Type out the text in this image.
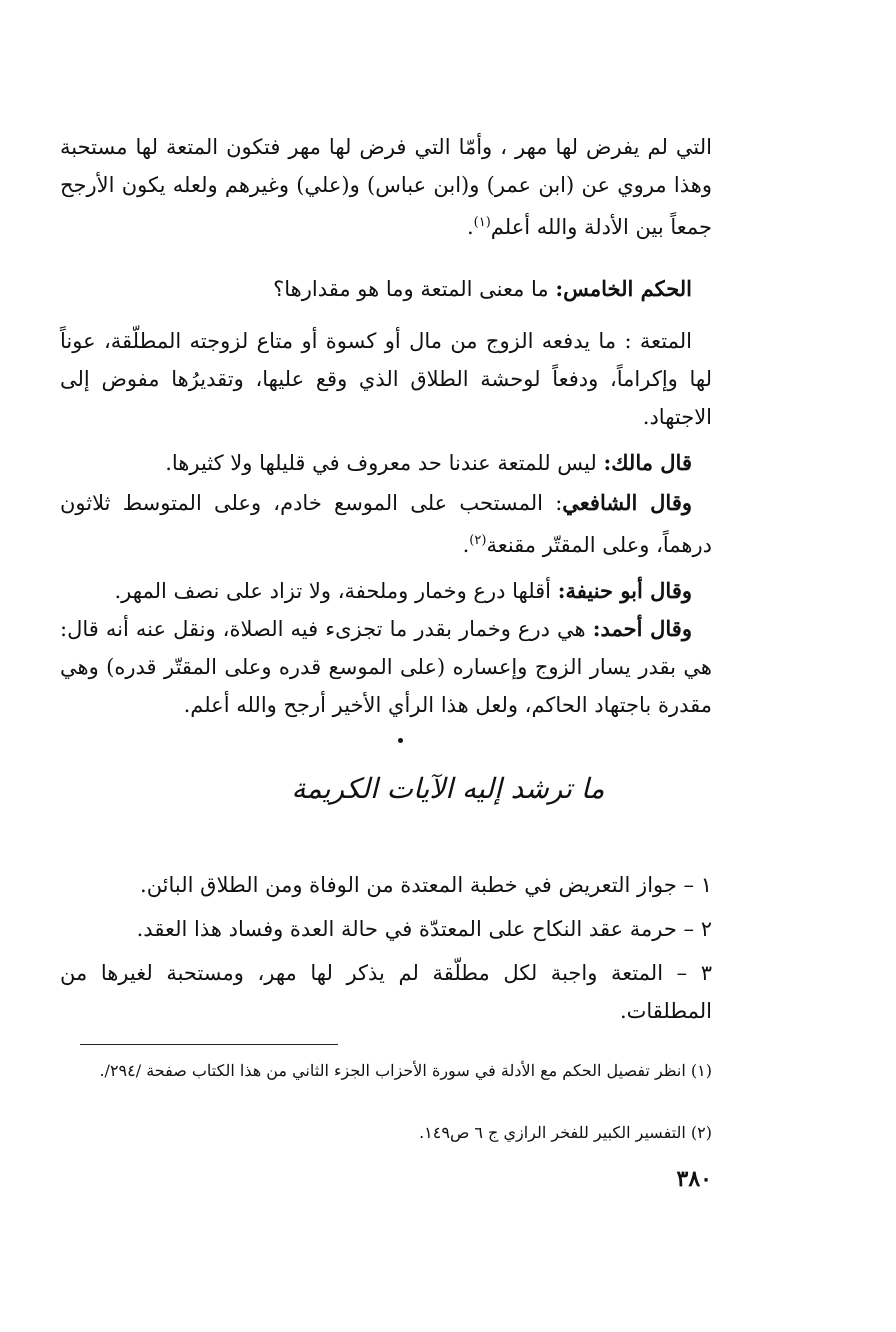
التي لم يفرض لها مهر ، وأمّا التي فرض لها مهر فتكون المتعة لها مستحبة وهذا مروي عن (ابن عمر) و(ابن عباس) و(علي) وغيرهم ولعله يكون الأرجح جمعاً بين الأدلة والله أعلم$^{(١)}$.

الحكم الخامس: ما معنى المتعة وما هو مقدارها؟

المتعة : ما يدفعه الزوج من مال أو كسوة أو متاع لزوجته المطلّقة، عوناً لها وإكراماً، ودفعاً لوحشة الطلاق الذي وقع عليها، وتقديرُها مفوض إلى الاجتهاد.

قال مالك: ليس للمتعة عندنا حد معروف في قليلها ولا كثيرها.

وقال الشافعي: المستحب على الموسع خادم، وعلى المتوسط ثلاثون درهماً، وعلى المقتّر مقنعة$^{(٢)}$.

وقال أبو حنيفة: أقلها درع وخمار وملحفة، ولا تزاد على نصف المهر.

وقال أحمد: هي درع وخمار بقدر ما تجزىء فيه الصلاة، ونقل عنه أنه قال: هي بقدر يسار الزوج وإعساره (على الموسع قدره وعلى المقتّر قدره) وهي مقدرة باجتهاد الحاكم، ولعل هذا الرأي الأخير أرجح والله أعلم.

ما ترشد إليه الآيات الكريمة
١ – جواز التعريض في خطبة المعتدة من الوفاة ومن الطلاق البائن.
٢ – حرمة عقد النكاح على المعتدّة في حالة العدة وفساد هذا العقد.
٣ – المتعة واجبة لكل مطلّقة لم يذكر لها مهر، ومستحبة لغيرها من المطلقات.
(١) انظر تفصيل الحكم مع الأدلة في سورة الأحزاب الجزء الثاني من هذا الكتاب صفحة /٢٩٤/.
(٢) التفسير الكبير للفخر الرازي ج ٦ ص١٤٩.
٣٨٠
